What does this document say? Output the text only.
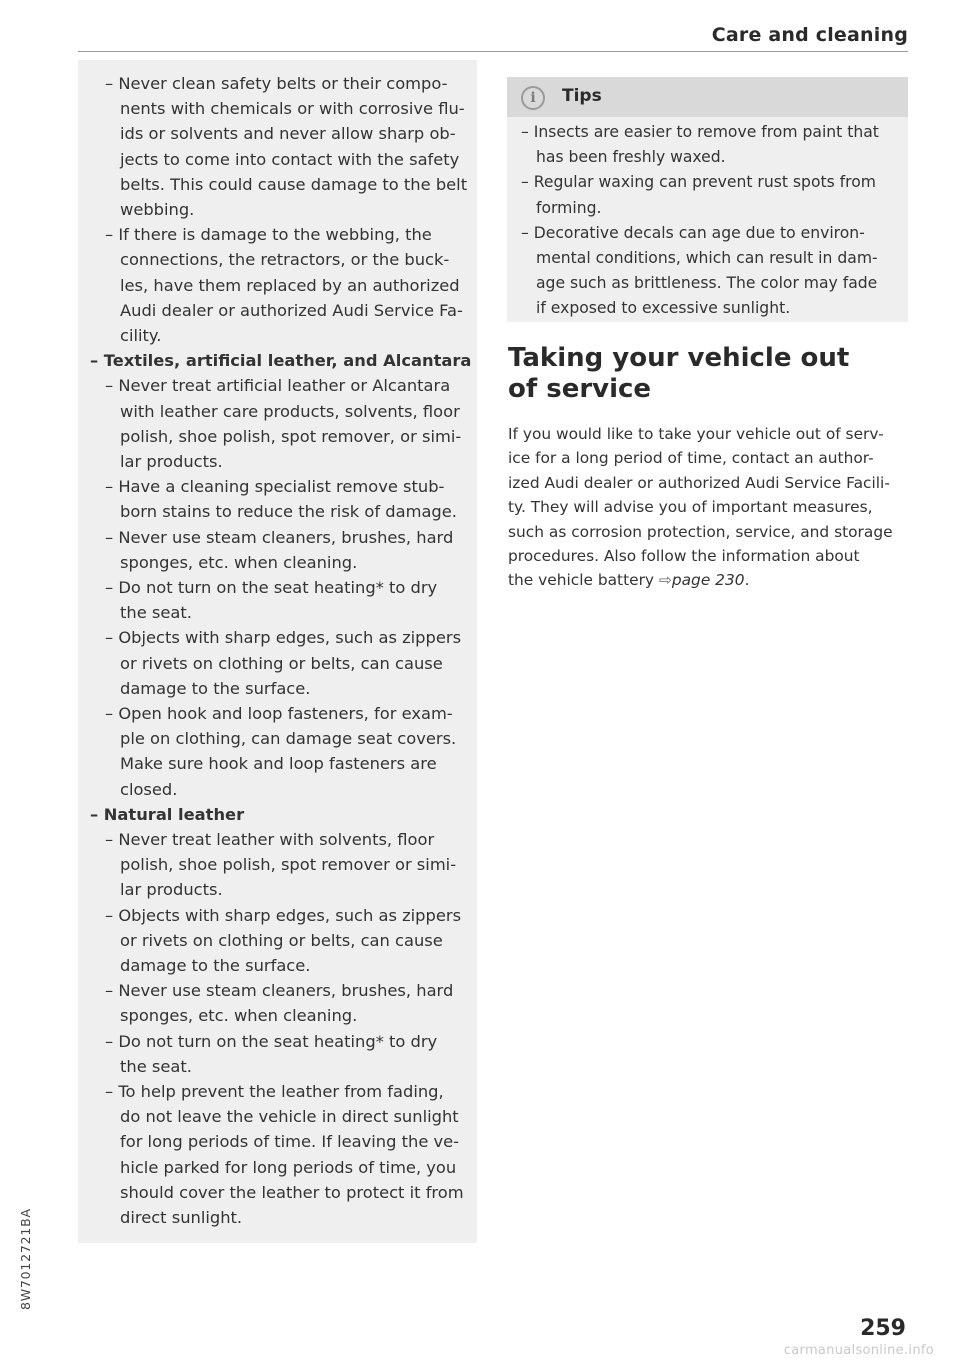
Care and cleaning
– Never clean safety belts or their compo-
nents with chemicals or with corrosive flu-
ids or solvents and never allow sharp ob-
jects to come into contact with the safety
belts. This could cause damage to the belt
webbing.
– If there is damage to the webbing, the
connections, the retractors, or the buck-
les, have them replaced by an authorized
Audi dealer or authorized Audi Service Fa-
cility.
– Textiles, artificial leather, and Alcantara
– Never treat artificial leather or Alcantara
with leather care products, solvents, floor
polish, shoe polish, spot remover, or simi-
lar products.
– Have a cleaning specialist remove stub-
born stains to reduce the risk of damage.
– Never use steam cleaners, brushes, hard
sponges, etc. when cleaning.
– Do not turn on the seat heating* to dry
the seat.
– Objects with sharp edges, such as zippers
or rivets on clothing or belts, can cause
damage to the surface.
– Open hook and loop fasteners, for exam-
ple on clothing, can damage seat covers.
Make sure hook and loop fasteners are
closed.
– Natural leather
– Never treat leather with solvents, floor
polish, shoe polish, spot remover or simi-
lar products.
– Objects with sharp edges, such as zippers
or rivets on clothing or belts, can cause
damage to the surface.
– Never use steam cleaners, brushes, hard
sponges, etc. when cleaning.
– Do not turn on the seat heating* to dry
the seat.
– To help prevent the leather from fading,
do not leave the vehicle in direct sunlight
for long periods of time. If leaving the ve-
hicle parked for long periods of time, you
should cover the leather to protect it from
direct sunlight.
i	Tips
– Insects are easier to remove from paint that
has been freshly waxed.
– Regular waxing can prevent rust spots from
forming.
– Decorative decals can age due to environ-
mental conditions, which can result in dam-
age such as brittleness. The color may fade
if exposed to excessive sunlight.
Taking your vehicle out
of service
If you would like to take your vehicle out of serv-
ice for a long period of time, contact an author-
ized Audi dealer or authorized Audi Service Facili-
ty. They will advise you of important measures,
such as corrosion protection, service, and storage
procedures. Also follow the information about
the vehicle battery ⇨page 230.
8W7012721BA
259
carmanualsonline.info
